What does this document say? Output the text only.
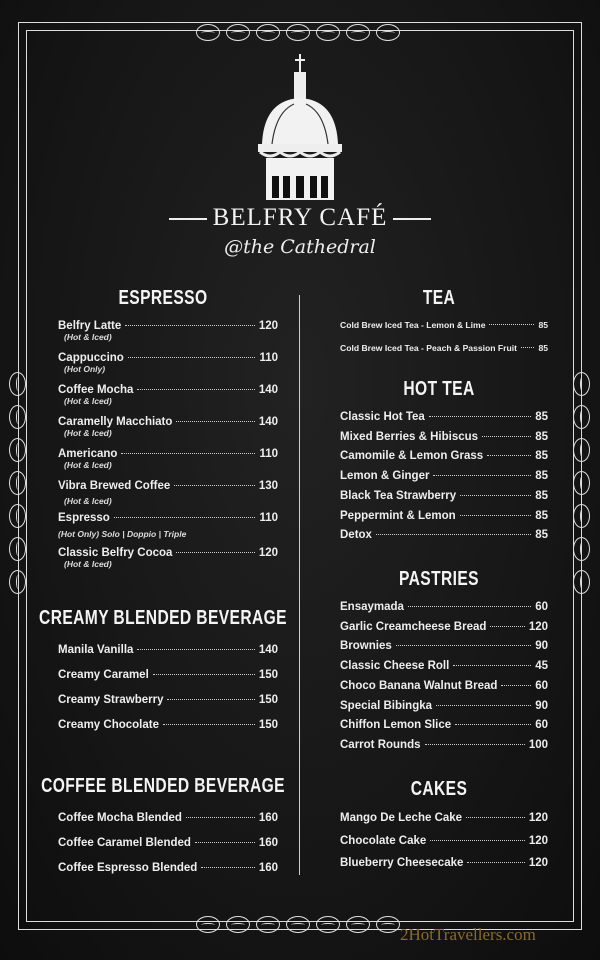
BELFRY CAFÉ
@the Cathedral
ESPRESSO
Belfry Latte	120
(Hot & Iced)
Cappuccino	110
(Hot Only)
Coffee Mocha	140
(Hot & Iced)
Caramelly Macchiato	140
(Hot & Iced)
Americano	110
(Hot & Iced)
Vibra Brewed Coffee	130
(Hot & Iced)
Espresso	110
(Hot Only) Solo | Doppio | Triple
Classic Belfry Cocoa	120
(Hot & Iced)
CREAMY BLENDED BEVERAGE
Manila Vanilla	140
Creamy Caramel	150
Creamy Strawberry	150
Creamy Chocolate	150
COFFEE BLENDED BEVERAGE
Coffee Mocha Blended	160
Coffee Caramel Blended	160
Coffee Espresso Blended	160
TEA
Cold Brew Iced Tea - Lemon & Lime	85
Cold Brew Iced Tea - Peach & Passion Fruit 85
HOT TEA
Classic Hot Tea	85
Mixed Berries & Hibiscus	85
Camomile & Lemon Grass	85
Lemon & Ginger	85
Black Tea Strawberry	85
Peppermint & Lemon	85
Detox	85
PASTRIES
Ensaymada	60
Garlic Creamcheese Bread	120
Brownies	90
Classic Cheese Roll	45
Choco Banana Walnut Bread	60
Special Bibingka	90
Chiffon Lemon Slice	60
Carrot Rounds	100
CAKES
Mango De Leche Cake	120
Chocolate Cake	120
Blueberry Cheesecake	120
2HotTravellers.com
